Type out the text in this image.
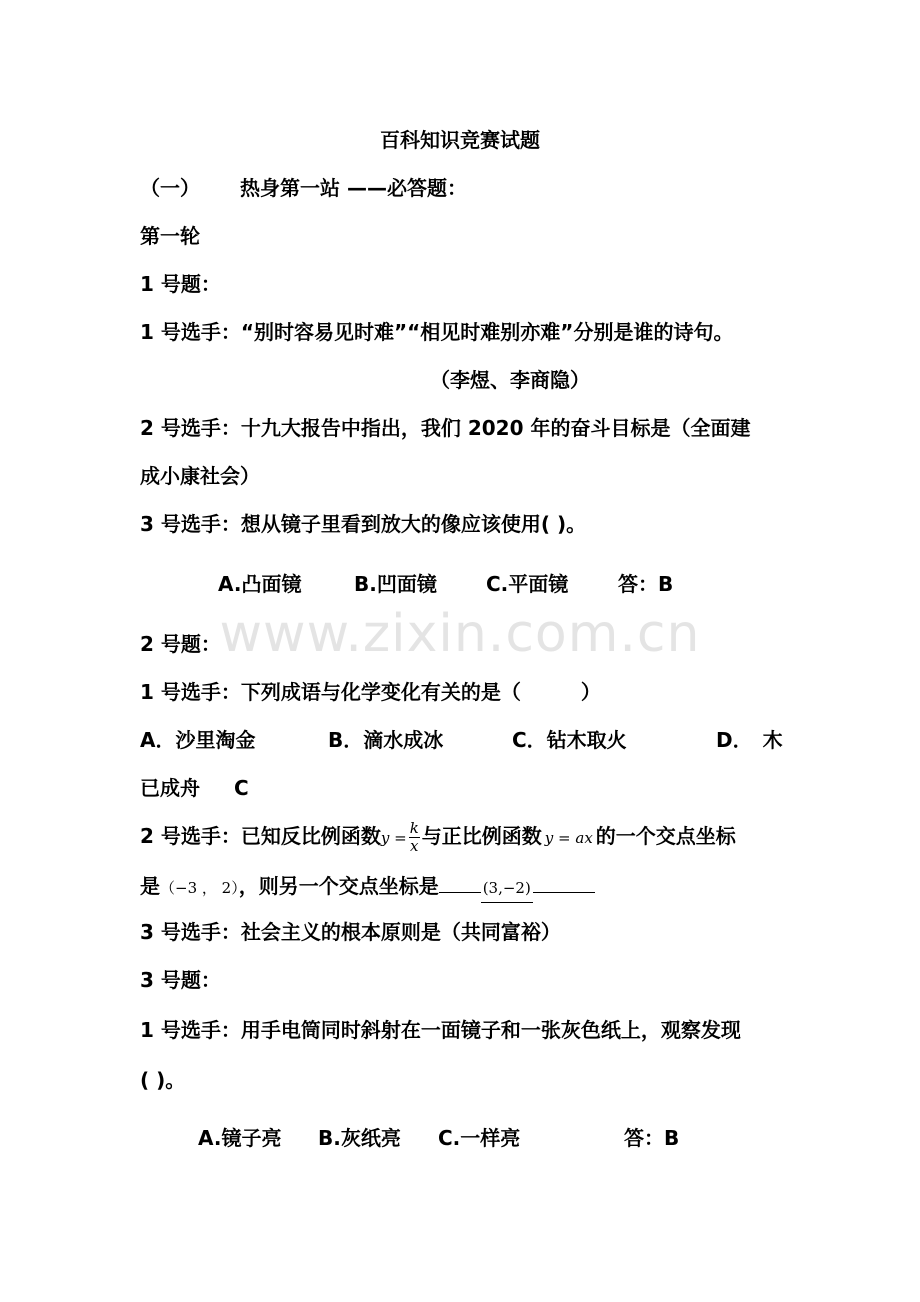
百科知识竞赛试题
（一） 热身第一站 ——必答题：
第一轮
1 号题：
1 号选手：“别时容易见时难”“相见时难别亦难”分别是谁的诗句。
（李煜、李商隐）
2 号选手：十九大报告中指出，我们 2020 年的奋斗目标是（全面建
成小康社会）
3 号选手：想从镜子里看到放大的像应该使用( )。
A.凸面镜	B.凹面镜 C.平面镜 答：B
www.zixin.com.cn
2 号题：
1 号选手：下列成语与化学变化有关的是（　　　）
A．沙里淘金	B．滴水成冰	C．钻木取火	D．　木
已成舟 C
2 号选手：已知反比例函数$y = \frac{k}{x}$ 与正比例函数 y = ax 的一个交点坐标
是（−3 ， 2），则另一个交点坐标是	(3,−2)
3 号选手：社会主义的根本原则是（共同富裕）
3 号题：
1 号选手：用手电筒同时斜射在一面镜子和一张灰色纸上，观察发现
( )。
A.镜子亮 B.灰纸亮 C.一样亮	答：B
